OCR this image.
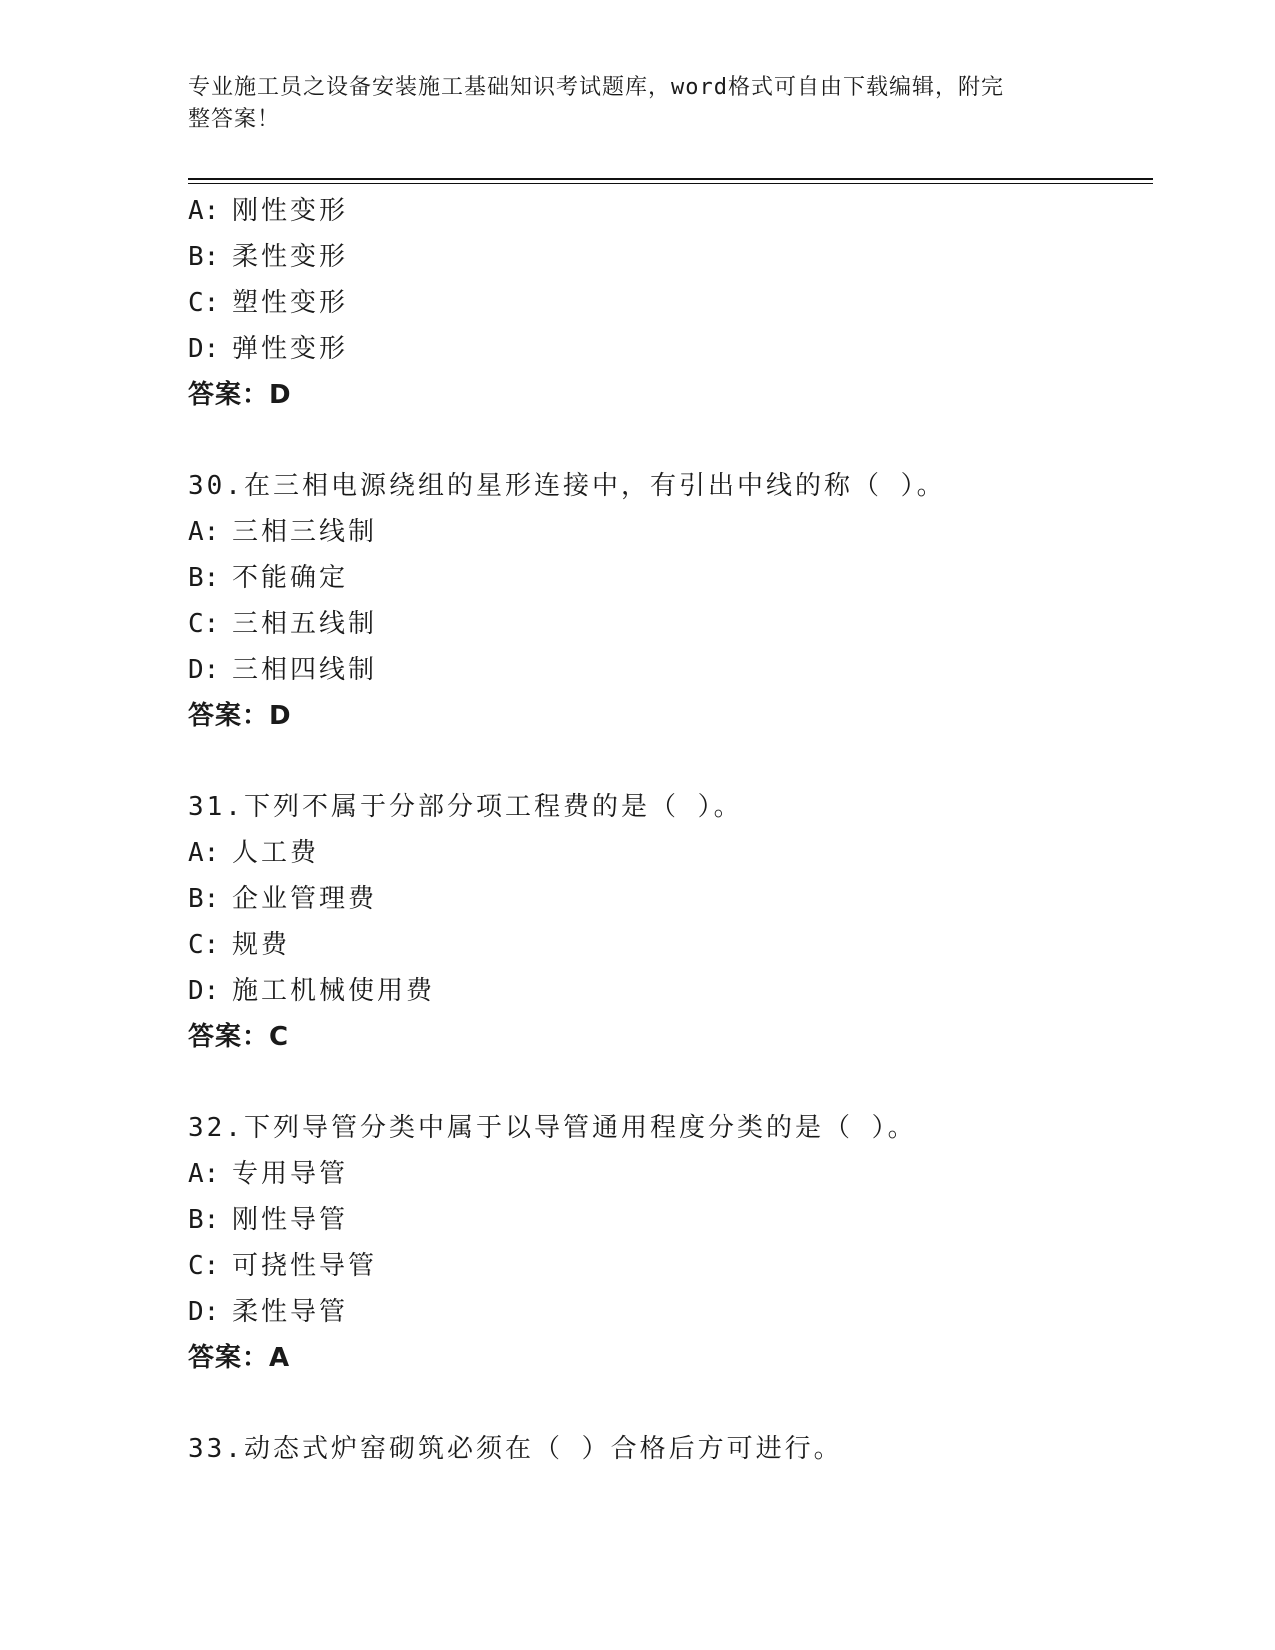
专业施工员之设备安装施工基础知识考试题库，word格式可自由下载编辑，附完
整答案！
A: 刚性变形
B: 柔性变形
C: 塑性变形
D: 弹性变形
答案：D
30.在三相电源绕组的星形连接中，有引出中线的称（ ）。
A: 三相三线制
B: 不能确定
C: 三相五线制
D: 三相四线制
答案：D
31.下列不属于分部分项工程费的是（ ）。
A: 人工费
B: 企业管理费
C: 规费
D: 施工机械使用费
答案：C
32.下列导管分类中属于以导管通用程度分类的是（ ）。
A: 专用导管
B: 刚性导管
C: 可挠性导管
D: 柔性导管
答案：A
33.动态式炉窑砌筑必须在（ ）合格后方可进行。
